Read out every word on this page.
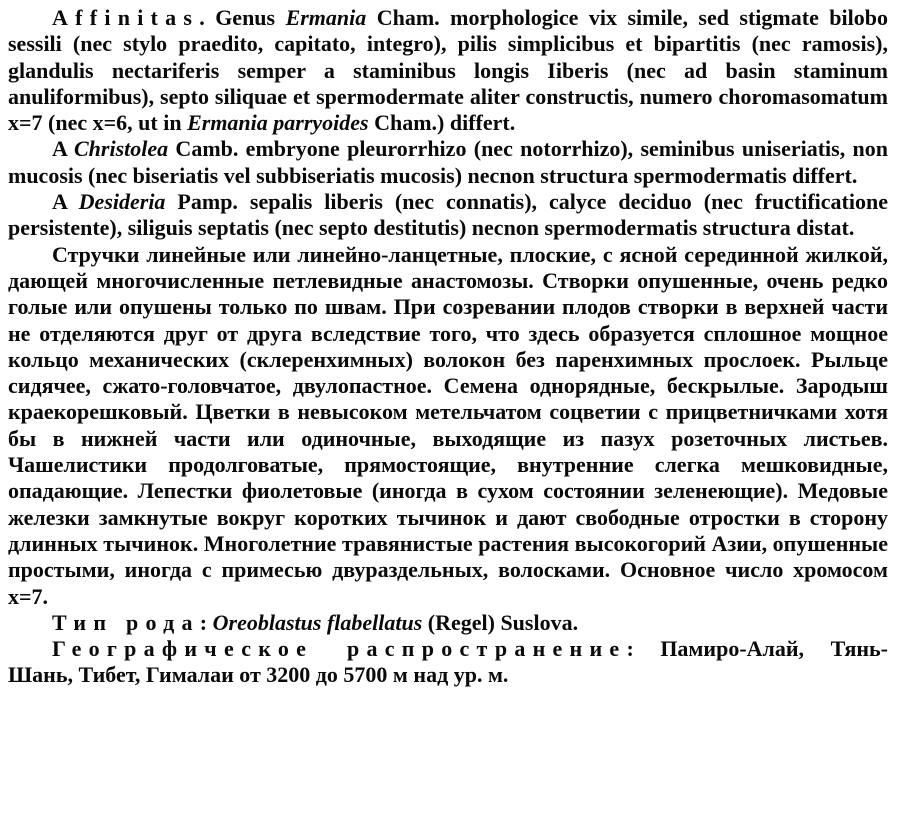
Affinitas. Genus Ermania Cham. morphologice vix simile, sed stigmate bilobo sessili (nec stylo praedito, capitato, integro), pilis simplicibus et bipartitis (nec ramosis), glandulis nectariferis semper a staminibus longis Iiberis (nec ad basin staminum anuliformibus), septo siliquae et spermodermate aliter constructis, numero choromasomatum x=7 (nec x=6, ut in Ermania parryoides Cham.) differt.

A Christolea Camb. embryone pleurorrhizo (nec notorrhizo), seminibus uniseriatis, non mucosis (nec biseriatis vel subbiseriatis mucosis) necnon structura spermodermatis differt.

A Desideria Pamp. sepalis liberis (nec connatis), calyce deciduo (nec fructificatione persistente), siliguis septatis (nec septo destitutis) necnon spermodermatis structura distat.

Стручки линейные или линейно-ланцетные, плоские, с ясной серединной жилкой, дающей многочисленные петлевидные анастомозы. Створки опушенные, очень редко голые или опушены только по швам. При созревании плодов створки в верхней части не отделяются друг от друга вследствие того, что здесь образуется сплошное мощное кольцо механических (склеренхимных) волокон без паренхимных прослоек. Рыльце сидячее, сжато-головчатое, двулопастное. Семена однорядные, бескрылые. Зародыш краекорешковый. Цветки в невысоком метельчатом соцветии с прицветничками хотя бы в нижней части или одиночные, выходящие из пазух розеточных листьев. Чашелистики продолговатые, прямостоящие, внутренние слегка мешковидные, опадающие. Лепестки фиолетовые (иногда в сухом состоянии зеленеющие). Медовые железки замкнутые вокруг коротких тычинок и дают свободные отростки в сторону длинных тычинок. Многолетние травянистые растения высокогорий Азии, опушенные простыми, иногда с примесью двураздельных, волосками. Основное число хромосом x=7.

Тип рода: Oreoblastus flabellatus (Regel) Suslova.

Географическое распространение: Памиро-Алай, Тянь-Шань, Тибет, Гималаи от 3200 до 5700 м над ур. м.
